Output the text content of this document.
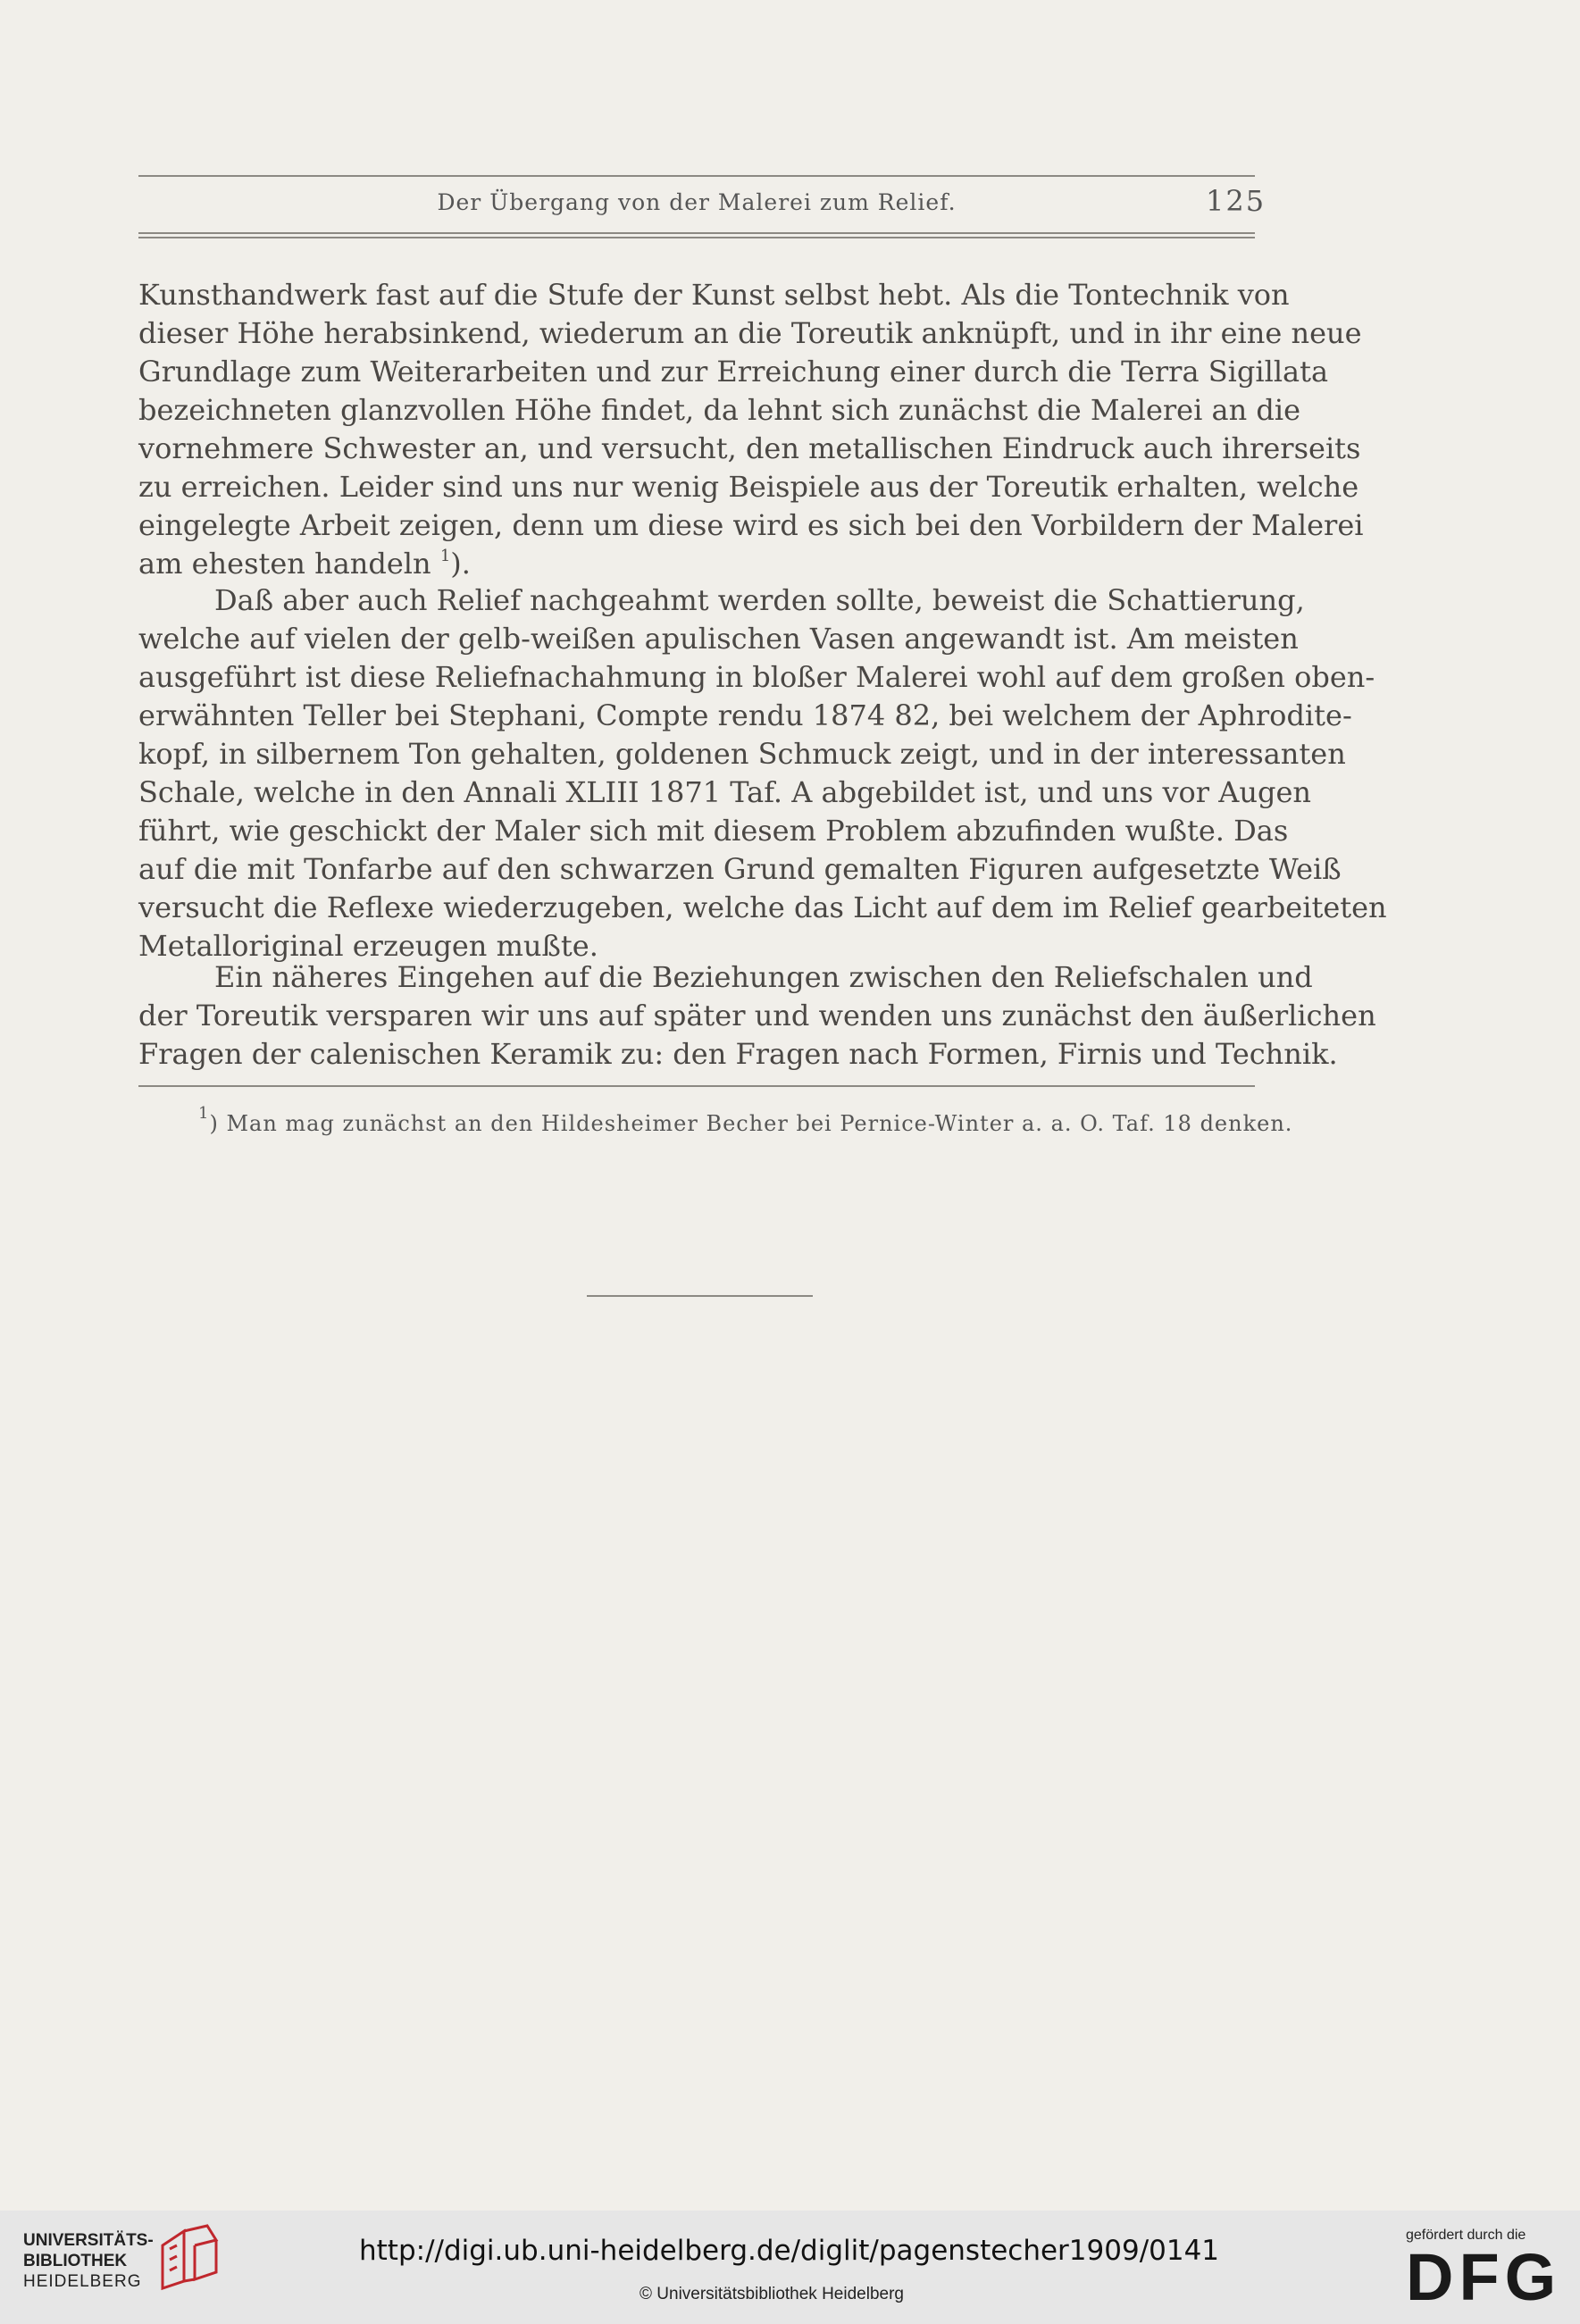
Der Übergang von der Malerei zum Relief.	125
Kunsthandwerk fast auf die Stufe der Kunst selbst hebt. Als die Tontechnik von
dieser Höhe herabsinkend, wiederum an die Toreutik anknüpft, und in ihr eine neue
Grundlage zum Weiterarbeiten und zur Erreichung einer durch die Terra Sigillata
bezeichneten glanzvollen Höhe findet, da lehnt sich zunächst die Malerei an die
vornehmere Schwester an, und versucht, den metallischen Eindruck auch ihrerseits
zu erreichen. Leider sind uns nur wenig Beispiele aus der Toreutik erhalten, welche
eingelegte Arbeit zeigen, denn um diese wird es sich bei den Vorbildern der Malerei
am ehesten handeln $^1$).
Daß aber auch Relief nachgeahmt werden sollte, beweist die Schattierung,
welche auf vielen der gelb-weißen apulischen Vasen angewandt ist. Am meisten
ausgeführt ist diese Reliefnachahmung in bloßer Malerei wohl auf dem großen oben-
erwähnten Teller bei Stephani, Compte rendu 1874 82, bei welchem der Aphrodite-
kopf, in silbernem Ton gehalten, goldenen Schmuck zeigt, und in der interessanten
Schale, welche in den Annali XLIII 1871 Taf. A abgebildet ist, und uns vor Augen
führt, wie geschickt der Maler sich mit diesem Problem abzufinden wußte. Das
auf die mit Tonfarbe auf den schwarzen Grund gemalten Figuren aufgesetzte Weiß
versucht die Reflexe wiederzugeben, welche das Licht auf dem im Relief gearbeiteten
Metalloriginal erzeugen mußte.
Ein näheres Eingehen auf die Beziehungen zwischen den Reliefschalen und
der Toreutik versparen wir uns auf später und wenden uns zunächst den äußerlichen
Fragen der calenischen Keramik zu: den Fragen nach Formen, Firnis und Technik.
$^1$) Man mag zunächst an den Hildesheimer Becher bei Pernice-Winter a. a. O. Taf. 18 denken.
UNIVERSITÄTS-
BIBLIOTHEK
HEIDELBERG
http://digi.ub.uni-heidelberg.de/diglit/pagenstecher1909/0141
© Universitätsbibliothek Heidelberg
gefördert durch die
DFG
